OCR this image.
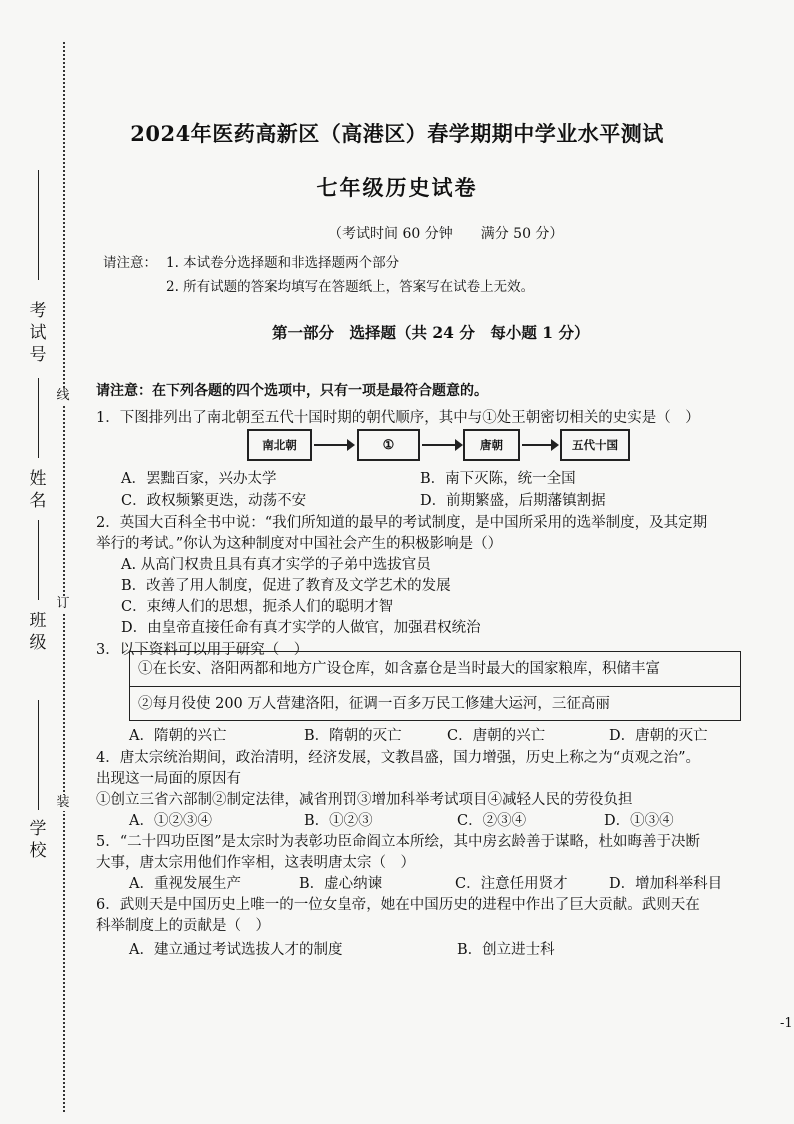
考试号
姓名
班级
学校
线
订
装
2024年医药高新区（高港区）春学期期中学业水平测试
七年级历史试卷
（考试时间 60 分钟　　满分 50 分）
请注意： 1. 本试卷分选择题和非选择题两个部分
2. 所有试题的答案均填写在答题纸上，答案写在试卷上无效。
第一部分　选择题（共 24 分　每小题 1 分）
请注意：在下列各题的四个选项中，只有一项是最符合题意的。
1．下图排列出了南北朝至五代十国时期的朝代顺序，其中与①处王朝密切相关的史实是（　）
南北朝	①	唐朝	五代十国
A．罢黜百家，兴办太学	B．南下灭陈，统一全国
C．政权频繁更迭，动荡不安	D．前期繁盛，后期藩镇割据
2．英国大百科全书中说：“我们所知道的最早的考试制度，是中国所采用的选举制度，及其定期
举行的考试。”你认为这种制度对中国社会产生的积极影响是（）
A. 从高门权贵且具有真才实学的子弟中选拔官员
B．改善了用人制度，促进了教育及文学艺术的发展
C．束缚人们的思想，扼杀人们的聪明才智
D．由皇帝直接任命有真才实学的人做官，加强君权统治
3．以下资料可以用于研究（　）
①在长安、洛阳两都和地方广设仓库，如含嘉仓是当时最大的国家粮库，积储丰富
②每月役使 200 万人营建洛阳，征调一百多万民工修建大运河，三征高丽
A．隋朝的兴亡	B．隋朝的灭亡	C．唐朝的兴亡	D．唐朝的灭亡
4．唐太宗统治期间，政治清明，经济发展，文教昌盛，国力增强，历史上称之为“贞观之治”。
出现这一局面的原因有
①创立三省六部制②制定法律，减省刑罚③增加科举考试项目④减轻人民的劳役负担
A．①②③④	B．①②③	C．②③④	D．①③④
5．“二十四功臣图”是太宗时为表彰功臣命阎立本所绘，其中房玄龄善于谋略，杜如晦善于决断
大事，唐太宗用他们作宰相，这表明唐太宗（　）
A．重视发展生产	B．虚心纳谏	C．注意任用贤才	D．增加科举科目
6．武则天是中国历史上唯一的一位女皇帝，她在中国历史的进程中作出了巨大贡献。武则天在
科举制度上的贡献是（　）
A．建立通过考试选拔人才的制度	B．创立进士科
-1
